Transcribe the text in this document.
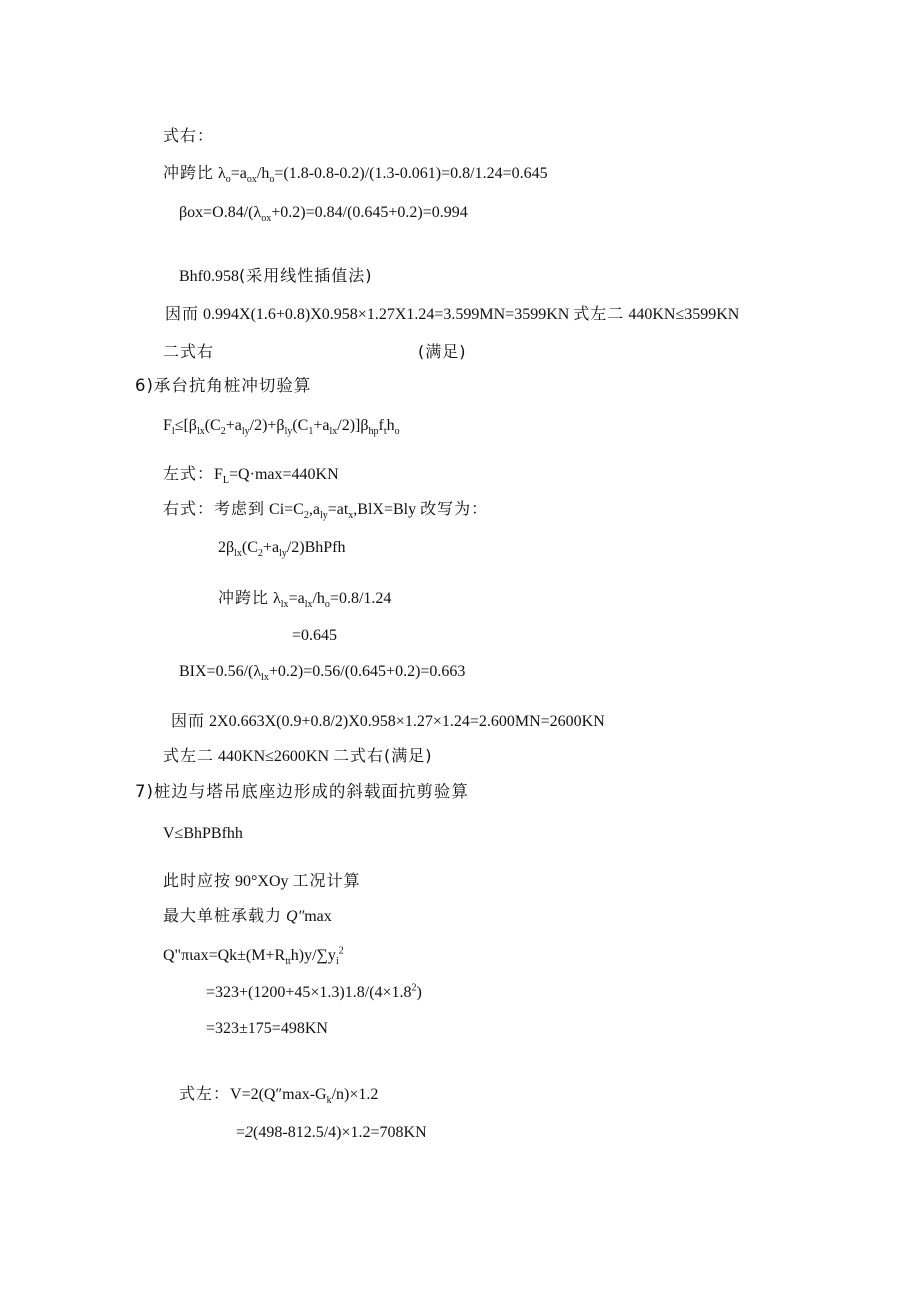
式右：
冲跨比 $\lambda_o=a_{ox}/h_o=(1.8-0.8-0.2)/(1.3-0.061)=0.8/1.24=0.645$
$\beta ox=O.84/(\lambda_{ox}+0.2)=0.84/(0.645+0.2)=0.994$
Bhf0.958(采用线性插值法)
因而 0.994X(1.6+0.8)X0.958×1.27X1.24=3.599MN=3599KN 式左二 440KN≤3599KN
二式右	(满足)
6)承台抗角桩冲切验算
$F_l\le[\beta_{lx}(C_2+a_{ly}/2)+\beta_{ly}(C_1+a_{lx}/2)]\beta_{hp}f_th_o$
左式：$F_L=Q\cdot\max=440KN$
右式：考虑到 $Ci=C_2,a_{ly}=at_x,BlX=Bly$ 改写为：
$2\beta_{lx}(C_2+a_{ly}/2)BhPfh$
冲跨比 $\lambda_{lx}=a_{lx}/h_o=0.8/1.24$
=0.645
$BIX=0.56/(\lambda_{lx}+0.2)=0.56/(0.645+0.2)=0.663$
因而 2X0.663X(0.9+0.8/2)X0.958×1.27×1.24=2.600MN=2600KN
式左二 440KN≤2600KN 二式右(满足)
7)桩边与塔吊底座边形成的斜载面抗剪验算
V≤BhPBfhh
此时应按 90°XOy 工况计算
最大单桩承载力 Q″max
$Q"\pi\iota ax=Qk\pm(M+R_{tt}h)y/\sum y_i^2$
$=323+(1200+45\times 1.3)1.8/(4\times 1.8^2)$
=323±175=498KN
式左：$V=2(Q''\max-G_k/n)\times 1.2$
=2(498-812.5/4)×1.2=708KN
